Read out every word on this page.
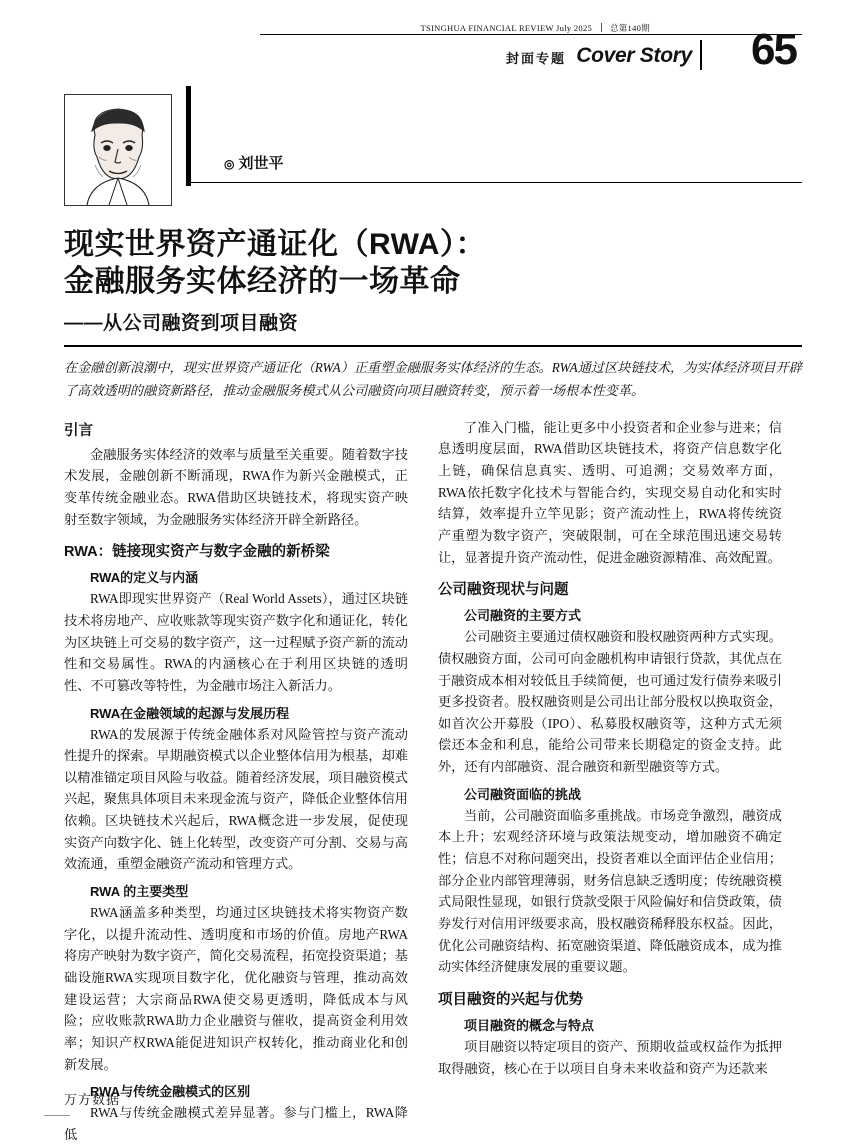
TSINGHUA FINANCIAL REVIEW July 2025 总第140期
封面专题 Cover Story 65
◎ 刘世平
现实世界资产通证化（RWA）：
金融服务实体经济的一场革命
——从公司融资到项目融资
在金融创新浪潮中，现实世界资产通证化（RWA）正重塑金融服务实体经济的生态。RWA通过区块链技术，为实体经济项目开辟了高效透明的融资新路径，推动金融服务模式从公司融资向项目融资转变，预示着一场根本性变革。
引言

金融服务实体经济的效率与质量至关重要。随着数字技术发展，金融创新不断涌现，RWA作为新兴金融模式，正变革传统金融业态。RWA借助区块链技术，将现实资产映射至数字领域，为金融服务实体经济开辟全新路径。

RWA：链接现实资产与数字金融的新桥梁
RWA的定义与内涵

RWA即现实世界资产（Real World Assets），通过区块链技术将房地产、应收账款等现实资产数字化和通证化，转化为区块链上可交易的数字资产，这一过程赋予资产新的流动性和交易属性。RWA的内涵核心在于利用区块链的透明性、不可篡改等特性，为金融市场注入新活力。

RWA在金融领域的起源与发展历程

RWA的发展源于传统金融体系对风险管控与资产流动性提升的探索。早期融资模式以企业整体信用为根基，却难以精准锚定项目风险与收益。随着经济发展，项目融资模式兴起，聚焦具体项目未来现金流与资产，降低企业整体信用依赖。区块链技术兴起后，RWA概念进一步发展，促使现实资产向数字化、链上化转型，改变资产可分割、交易与高效流通，重塑金融资产流动和管理方式。

RWA 的主要类型

RWA涵盖多种类型，均通过区块链技术将实物资产数字化，以提升流动性、透明度和市场的价值。房地产RWA将房产映射为数字资产，简化交易流程，拓宽投资渠道；基础设施RWA实现项目数字化，优化融资与管理，推动高效建设运营；大宗商品RWA使交易更透明，降低成本与风险；应收账款RWA助力企业融资与催收，提高资金利用效率；知识产权RWA能促进知识产权转化，推动商业化和创新发展。

RWA与传统金融模式的区别

RWA与传统金融模式差异显著。参与门槛上，RWA降低

了准入门槛，能让更多中小投资者和企业参与进来；信息透明度层面，RWA借助区块链技术，将资产信息数字化上链，确保信息真实、透明、可追溯；交易效率方面，RWA依托数字化技术与智能合约，实现交易自动化和实时结算，效率提升立竿见影；资产流动性上，RWA将传统资产重塑为数字资产，突破限制，可在全球范围迅速交易转让，显著提升资产流动性，促进金融资源精准、高效配置。

公司融资现状与问题
公司融资的主要方式

公司融资主要通过债权融资和股权融资两种方式实现。债权融资方面，公司可向金融机构申请银行贷款，其优点在于融资成本相对较低且手续简便，也可通过发行债券来吸引更多投资者。股权融资则是公司出让部分股权以换取资金，如首次公开募股（IPO）、私募股权融资等，这种方式无须偿还本金和利息，能给公司带来长期稳定的资金支持。此外，还有内部融资、混合融资和新型融资等方式。

公司融资面临的挑战

当前，公司融资面临多重挑战。市场竞争激烈，融资成本上升；宏观经济环境与政策法规变动，增加融资不确定性；信息不对称问题突出，投资者难以全面评估企业信用；部分企业内部管理薄弱，财务信息缺乏透明度；传统融资模式局限性显现，如银行贷款受限于风险偏好和信贷政策，债券发行对信用评级要求高，股权融资稀释股东权益。因此，优化公司融资结构、拓宽融资渠道、降低融资成本，成为推动实体经济健康发展的重要议题。

项目融资的兴起与优势
项目融资的概念与特点

项目融资以特定项目的资产、预期收益或权益作为抵押取得融资，核心在于以项目自身未来收益和资产为还款来

万方数据
